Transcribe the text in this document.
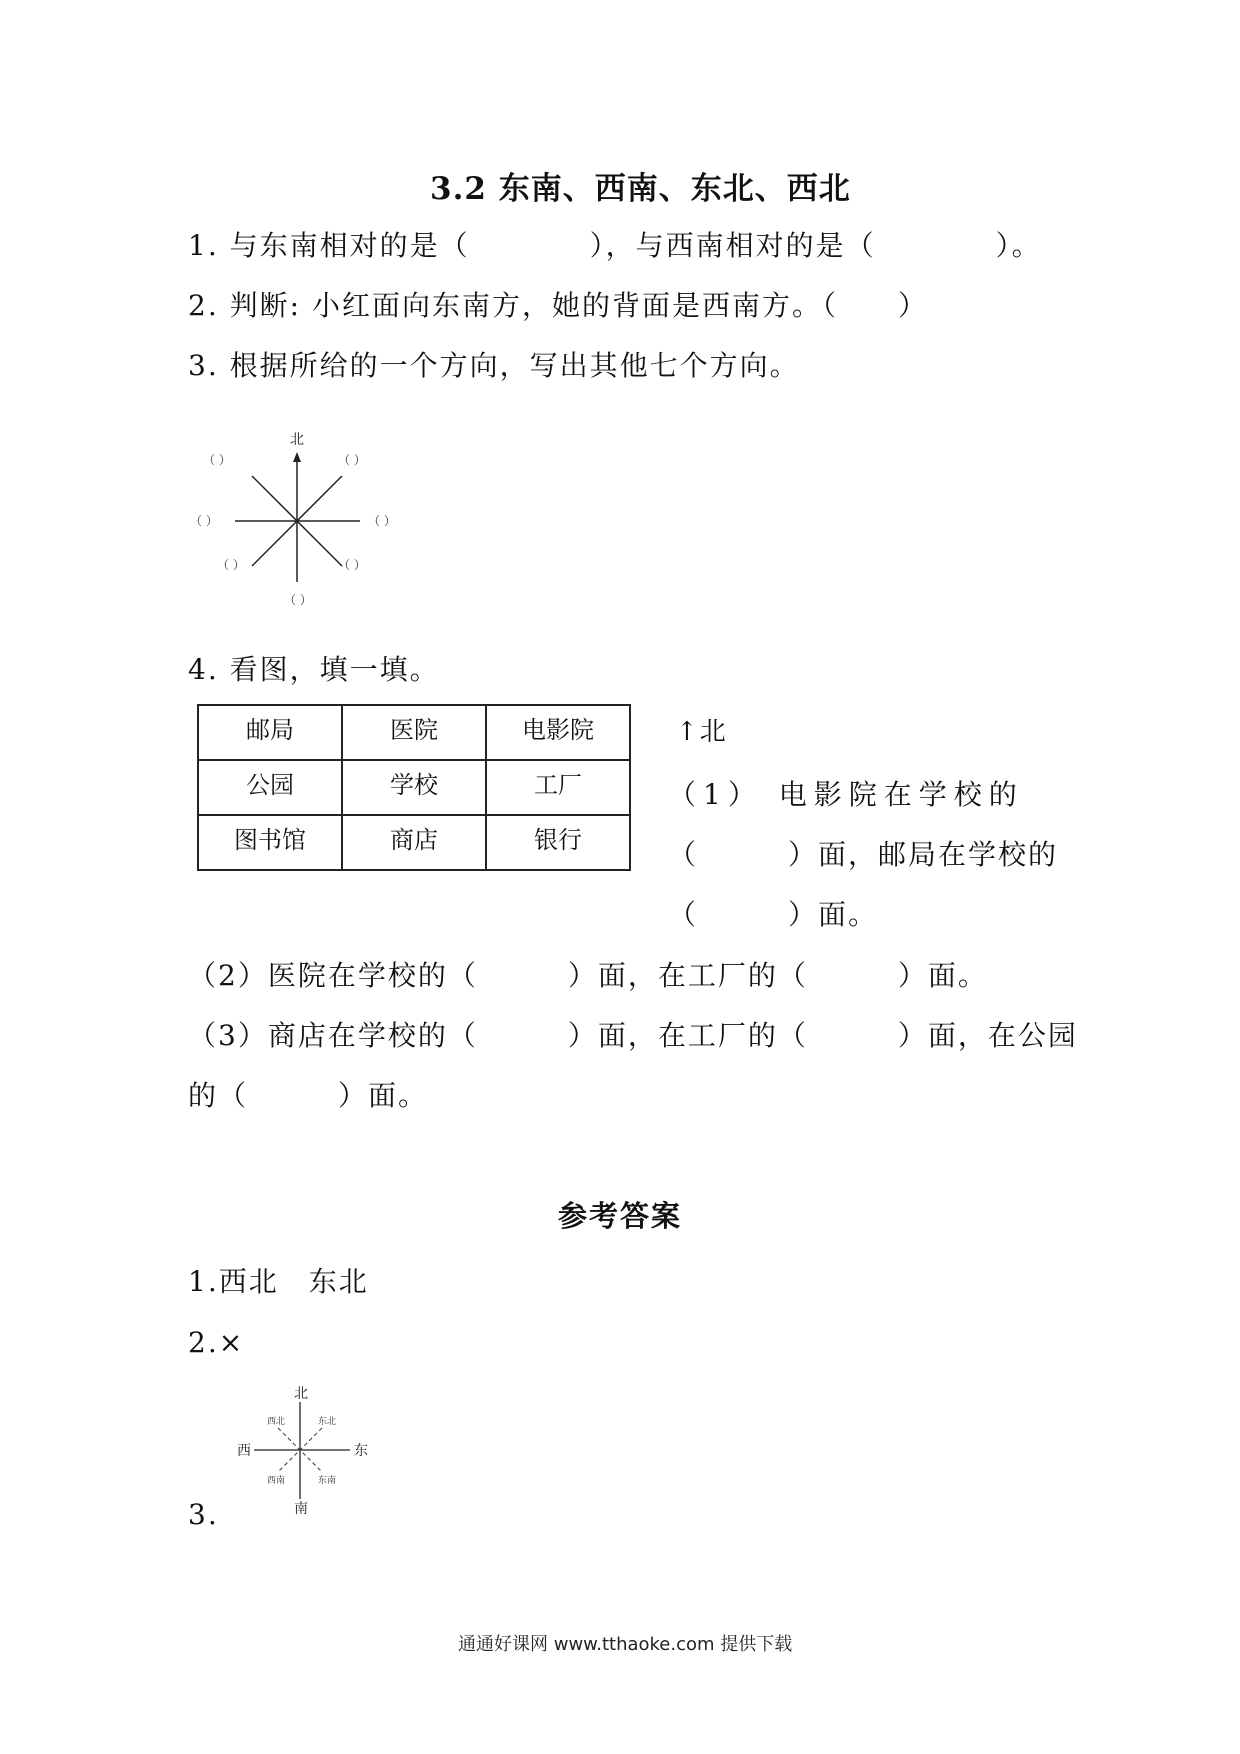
3.2 东南、西南、东北、西北
1. 与东南相对的是（　　　　），与西南相对的是（　　　　）。
2. 判断: 小红面向东南方，她的背面是西南方。（　　）
3. 根据所给的一个方向，写出其他七个方向。
北
（ ）	（ ）
（ ）	（ ）
（ ）	（ ）
（ ）
4. 看图，填一填。
邮局	医院	电影院
公园	学校	工厂
图书馆	商店	银行
↑北
（1） 电影院在学校的
（　　　）面，邮局在学校的
（　　　）面。
（2）医院在学校的（　　　）面，在工厂的（　　　）面。
（3）商店在学校的（　　　）面，在工厂的（　　　）面，在公园
的（　　　）面。
参考答案
1.西北　东北
2.×
北
南
东
西
西北	东北
西南	东南
3.
通通好课网 www.tthaoke.com 提供下载
